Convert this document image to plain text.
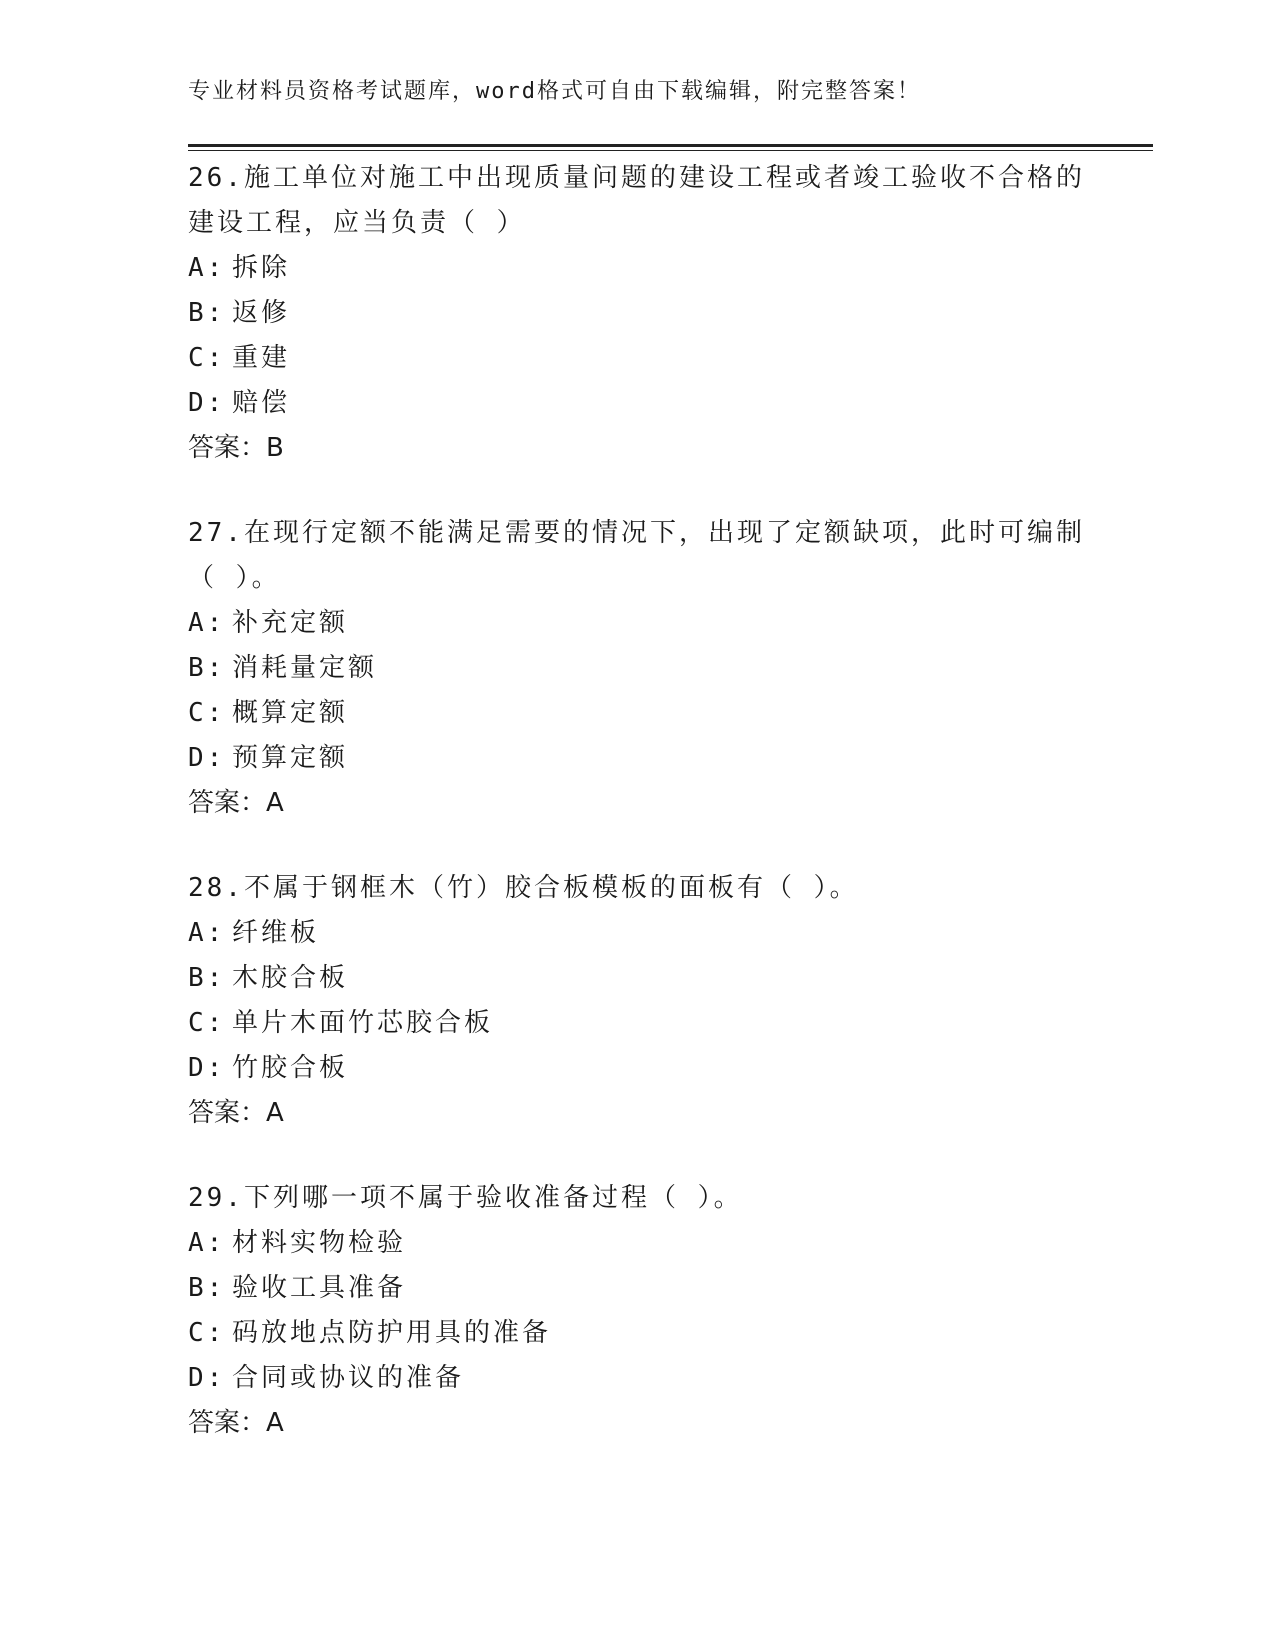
专业材料员资格考试题库，word格式可自由下载编辑，附完整答案！

26.施工单位对施工中出现质量问题的建设工程或者竣工验收不合格的建设工程，应当负责（ ）

A: 拆除

B: 返修

C: 重建

D: 赔偿

答案：B

27.在现行定额不能满足需要的情况下，出现了定额缺项，此时可编制（ ）。

A: 补充定额

B: 消耗量定额

C: 概算定额

D: 预算定额

答案：A

28.不属于钢框木（竹）胶合板模板的面板有（ ）。

A: 纤维板

B: 木胶合板

C: 单片木面竹芯胶合板

D: 竹胶合板

答案：A

29.下列哪一项不属于验收准备过程（ ）。

A: 材料实物检验

B: 验收工具准备

C: 码放地点防护用具的准备

D: 合同或协议的准备

答案：A
